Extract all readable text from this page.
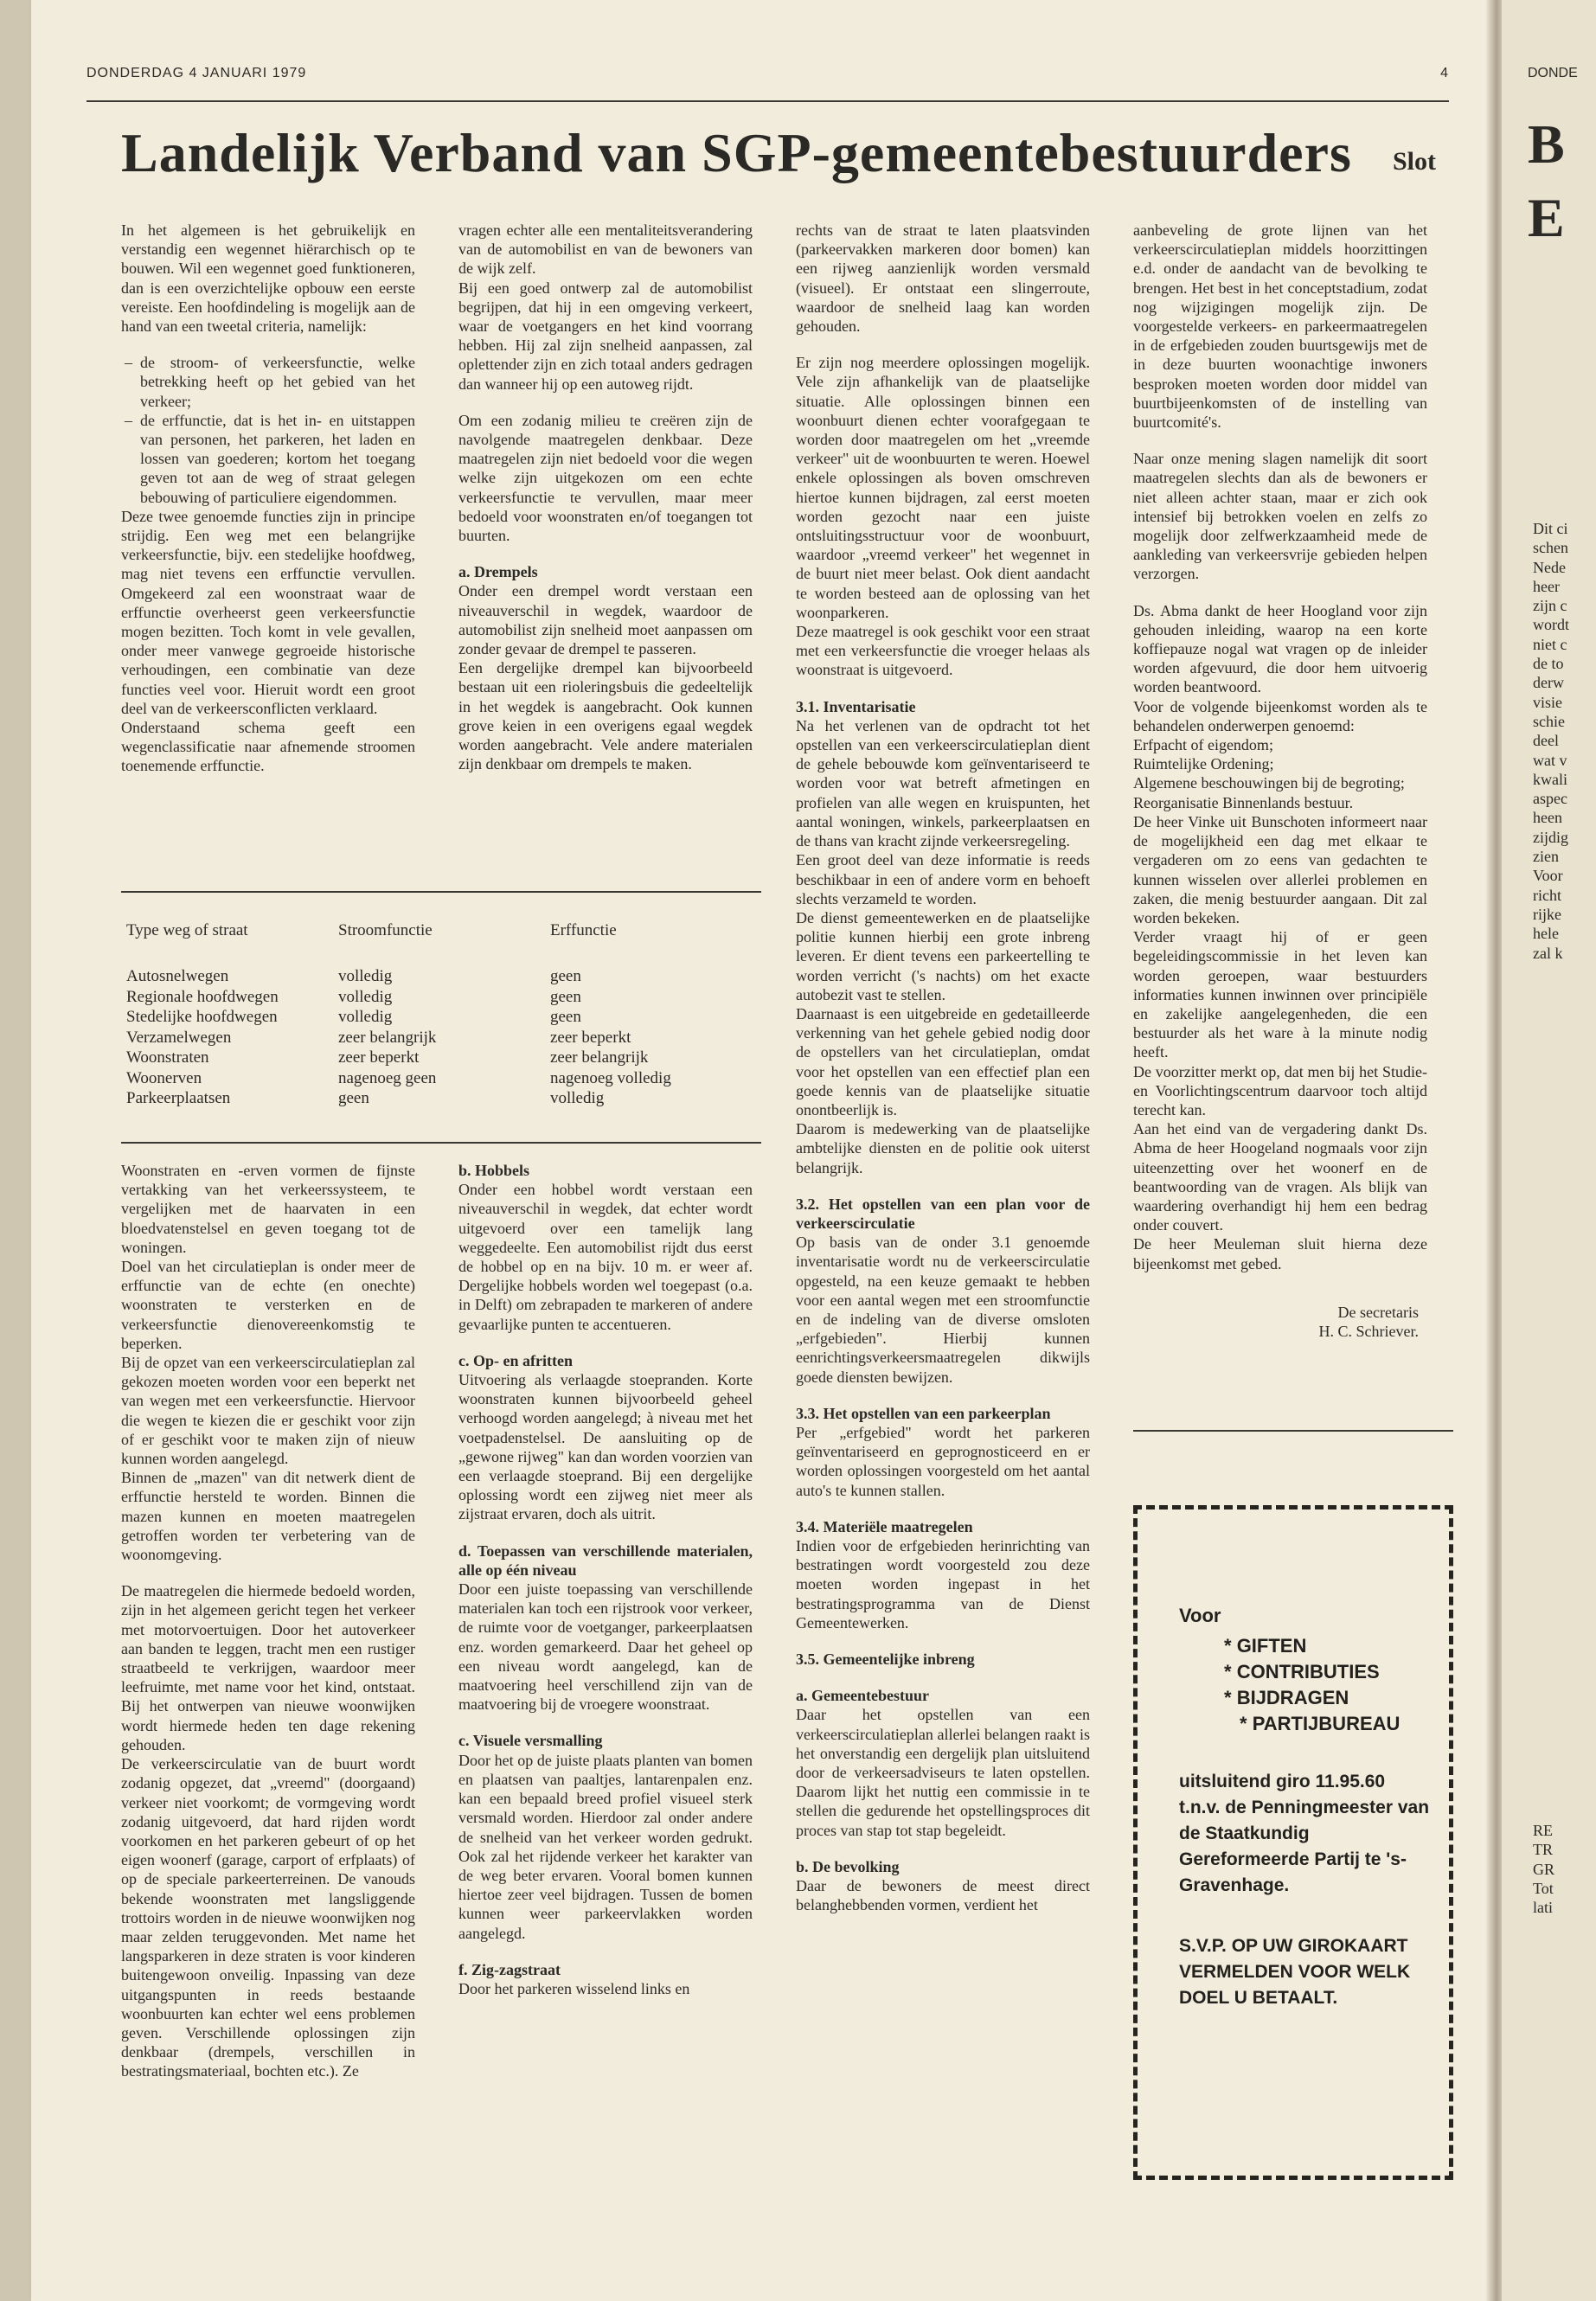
DONDERDAG 4 JANUARI 1979	4
Landelijk Verband van SGP-gemeentebestuurders Slot

In het algemeen is het gebruikelijk en verstandig een wegennet hiërarchisch op te bouwen. Wil een wegennet goed funktioneren, dan is een overzichtelijke opbouw een eerste vereiste. Een hoofdindeling is mogelijk aan de hand van een tweetal criteria, namelijk:

– de stroom- of verkeersfunctie, welke betrekking heeft op het gebied van het verkeer;
– de erffunctie, dat is het in- en uitstappen van personen, het parkeren, het laden en lossen van goederen; kortom het toegang geven tot aan de weg of straat gelegen bebouwing of particuliere eigendommen.

Deze twee genoemde functies zijn in principe strijdig. Een weg met een belangrijke verkeersfunctie, bijv. een stedelijke hoofdweg, mag niet tevens een erffunctie vervullen. Omgekeerd zal een woonstraat waar de erffunctie overheerst geen verkeersfunctie mogen bezitten. Toch komt in vele gevallen, onder meer vanwege gegroeide historische verhoudingen, een combinatie van deze functies veel voor. Hieruit wordt een groot deel van de verkeersconflicten verklaard.

Onderstaand schema geeft een wegenclassificatie naar afnemende stroomen toenemende erffunctie.

vragen echter alle een mentaliteitsverandering van de automobilist en van de bewoners van de wijk zelf.

Bij een goed ontwerp zal de automobilist begrijpen, dat hij in een omgeving verkeert, waar de voetgangers en het kind voorrang hebben. Hij zal zijn snelheid aanpassen, zal oplettender zijn en zich totaal anders gedragen dan wanneer hij op een autoweg rijdt.

Om een zodanig milieu te creëren zijn de navolgende maatregelen denkbaar. Deze maatregelen zijn niet bedoeld voor die wegen welke zijn uitgekozen om een echte verkeersfunctie te vervullen, maar meer bedoeld voor woonstraten en/of toegangen tot buurten.

a. Drempels

Onder een drempel wordt verstaan een niveauverschil in wegdek, waardoor de automobilist zijn snelheid moet aanpassen om zonder gevaar de drempel te passeren.

Een dergelijke drempel kan bijvoorbeeld bestaan uit een rioleringsbuis die gedeeltelijk in het wegdek is aangebracht. Ook kunnen grove keien in een overigens egaal wegdek worden aangebracht. Vele andere materialen zijn denkbaar om drempels te maken.

rechts van de straat te laten plaatsvinden (parkeervakken markeren door bomen) kan een rijweg aanzienlijk worden versmald (visueel). Er ontstaat een slingerroute, waardoor de snelheid laag kan worden gehouden.

Er zijn nog meerdere oplossingen mogelijk. Vele zijn afhankelijk van de plaatselijke situatie. Alle oplossingen binnen een woonbuurt dienen echter voorafgegaan te worden door maatregelen om het „vreemde verkeer" uit de woonbuurten te weren. Hoewel enkele oplossingen als boven omschreven hiertoe kunnen bijdragen, zal eerst moeten worden gezocht naar een juiste ontsluitingsstructuur voor de woonbuurt, waardoor „vreemd verkeer" het wegennet in de buurt niet meer belast. Ook dient aandacht te worden besteed aan de oplossing van het woonparkeren.

Deze maatregel is ook geschikt voor een straat met een verkeersfunctie die vroeger helaas als woonstraat is uitgevoerd.

3.1. Inventarisatie

Na het verlenen van de opdracht tot het opstellen van een verkeerscirculatieplan dient de gehele bebouwde kom geïnventariseerd te worden voor wat betreft afmetingen en profielen van alle wegen en kruispunten, het aantal woningen, winkels, parkeerplaatsen en de thans van kracht zijnde verkeersregeling.

Een groot deel van deze informatie is reeds beschikbaar in een of andere vorm en behoeft slechts verzameld te worden.

De dienst gemeentewerken en de plaatselijke politie kunnen hierbij een grote inbreng leveren. Er dient tevens een parkeertelling te worden verricht ('s nachts) om het exacte autobezit vast te stellen.

Daarnaast is een uitgebreide en gedetailleerde verkenning van het gehele gebied nodig door de opstellers van het circulatieplan, omdat voor het opstellen van een effectief plan een goede kennis van de plaatselijke situatie onontbeerlijk is.

Daarom is medewerking van de plaatselijke ambtelijke diensten en de politie ook uiterst belangrijk.

3.2. Het opstellen van een plan voor de verkeerscirculatie

Op basis van de onder 3.1 genoemde inventarisatie wordt nu de verkeerscirculatie opgesteld, na een keuze gemaakt te hebben voor een aantal wegen met een stroomfunctie en de indeling van de diverse omsloten „erfgebieden". Hierbij kunnen eenrichtingsverkeersmaatregelen dikwijls goede diensten bewijzen.

3.3. Het opstellen van een parkeerplan

Per „erfgebied" wordt het parkeren geïnventariseerd en geprognosticeerd en er worden oplossingen voorgesteld om het aantal auto's te kunnen stallen.

3.4. Materiële maatregelen

Indien voor de erfgebieden herinrichting van bestratingen wordt voorgesteld zou deze moeten worden ingepast in het bestratingsprogramma van de Dienst Gemeentewerken.

3.5. Gemeentelijke inbreng

a. Gemeentebestuur

Daar het opstellen van een verkeerscirculatieplan allerlei belangen raakt is het onverstandig een dergelijk plan uitsluitend door de verkeersadviseurs te laten opstellen. Daarom lijkt het nuttig een commissie in te stellen die gedurende het opstellingsproces dit proces van stap tot stap begeleidt.

b. De bevolking

Daar de bewoners de meest direct belanghebbenden vormen, verdient het

aanbeveling de grote lijnen van het verkeerscirculatieplan middels hoorzittingen e.d. onder de aandacht van de bevolking te brengen. Het best in het conceptstadium, zodat nog wijzigingen mogelijk zijn. De voorgestelde verkeers- en parkeermaatregelen in de erfgebieden zouden buurtsgewijs met de in deze buurten woonachtige inwoners besproken moeten worden door middel van buurtbijeenkomsten of de instelling van buurtcomité's.

Naar onze mening slagen namelijk dit soort maatregelen slechts dan als de bewoners er niet alleen achter staan, maar er zich ook intensief bij betrokken voelen en zelfs zo mogelijk door zelfwerkzaamheid mede de aankleding van verkeersvrije gebieden helpen verzorgen.

Ds. Abma dankt de heer Hoogland voor zijn gehouden inleiding, waarop na een korte koffiepauze nogal wat vragen op de inleider worden afgevuurd, die door hem uitvoerig worden beantwoord.

Voor de volgende bijeenkomst worden als te behandelen onderwerpen genoemd:

Erfpacht of eigendom;
Ruimtelijke Ordening;
Algemene beschouwingen bij de begroting;
Reorganisatie Binnenlands bestuur.

De heer Vinke uit Bunschoten informeert naar de mogelijkheid een dag met elkaar te vergaderen om zo eens van gedachten te kunnen wisselen over allerlei problemen en zaken, die menig bestuurder aangaan. Dit zal worden bekeken.

Verder vraagt hij of er geen begeleidingscommissie in het leven kan worden geroepen, waar bestuurders informaties kunnen inwinnen over principiële en zakelijke aangelegenheden, die een bestuurder als het ware à la minute nodig heeft.

De voorzitter merkt op, dat men bij het Studie- en Voorlichtingscentrum daarvoor toch altijd terecht kan.

Aan het eind van de vergadering dankt Ds. Abma de heer Hoogeland nogmaals voor zijn uiteenzetting over het woonerf en de beantwoording van de vragen. Als blijk van waardering overhandigt hij hem een bedrag onder couvert.

De heer Meuleman sluit hierna deze bijeenkomst met gebed.

De secretaris
H. C. Schriever.
Type weg of straat	Stroomfunctie	Erffunctie
Autosnelwegen	volledig	geen
Regionale hoofdwegen	volledig	geen
Stedelijke hoofdwegen	volledig	geen
Verzamelwegen	zeer belangrijk	zeer beperkt
Woonstraten	zeer beperkt	zeer belangrijk
Woonerven	nagenoeg geen	nagenoeg volledig
Parkeerplaatsen	geen	volledig

Woonstraten en -erven vormen de fijnste vertakking van het verkeerssysteem, te vergelijken met de haarvaten in een bloedvatenstelsel en geven toegang tot de woningen.

Doel van het circulatieplan is onder meer de erffunctie van de echte (en onechte) woonstraten te versterken en de verkeersfunctie dienovereenkomstig te beperken.

Bij de opzet van een verkeerscirculatieplan zal gekozen moeten worden voor een beperkt net van wegen met een verkeersfunctie. Hiervoor die wegen te kiezen die er geschikt voor zijn of er geschikt voor te maken zijn of nieuw kunnen worden aangelegd.

Binnen de „mazen" van dit netwerk dient de erffunctie hersteld te worden. Binnen die mazen kunnen en moeten maatregelen getroffen worden ter verbetering van de woonomgeving.

De maatregelen die hiermede bedoeld worden, zijn in het algemeen gericht tegen het verkeer met motorvoertuigen. Door het autoverkeer aan banden te leggen, tracht men een rustiger straatbeeld te verkrijgen, waardoor meer leefruimte, met name voor het kind, ontstaat. Bij het ontwerpen van nieuwe woonwijken wordt hiermede heden ten dage rekening gehouden.

De verkeerscirculatie van de buurt wordt zodanig opgezet, dat „vreemd" (doorgaand) verkeer niet voorkomt; de vormgeving wordt zodanig uitgevoerd, dat hard rijden wordt voorkomen en het parkeren gebeurt of op het eigen woonerf (garage, carport of erfplaats) of op de speciale parkeerterreinen. De vanouds bekende woonstraten met langsliggende trottoirs worden in de nieuwe woonwijken nog maar zelden teruggevonden. Met name het langsparkeren in deze straten is voor kinderen buitengewoon onveilig. Inpassing van deze uitgangspunten in reeds bestaande woonbuurten kan echter wel eens problemen geven. Verschillende oplossingen zijn denkbaar (drempels, verschillen in bestratingsmateriaal, bochten etc.). Ze

b. Hobbels

Onder een hobbel wordt verstaan een niveauverschil in wegdek, dat echter wordt uitgevoerd over een tamelijk lang weggedeelte. Een automobilist rijdt dus eerst de hobbel op en na bijv. 10 m. er weer af. Dergelijke hobbels worden wel toegepast (o.a. in Delft) om zebrapaden te markeren of andere gevaarlijke punten te accentueren.

c. Op- en afritten

Uitvoering als verlaagde stoepranden. Korte woonstraten kunnen bijvoorbeeld geheel verhoogd worden aangelegd; à niveau met het voetpadenstelsel. De aansluiting op de „gewone rijweg" kan dan worden voorzien van een verlaagde stoeprand. Bij een dergelijke oplossing wordt een zijweg niet meer als zijstraat ervaren, doch als uitrit.

d. Toepassen van verschillende materialen, alle op één niveau

Door een juiste toepassing van verschillende materialen kan toch een rijstrook voor verkeer, de ruimte voor de voetganger, parkeerplaatsen enz. worden gemarkeerd. Daar het geheel op een niveau wordt aangelegd, kan de maatvoering heel verschillend zijn van de maatvoering bij de vroegere woonstraat.

c. Visuele versmalling

Door het op de juiste plaats planten van bomen en plaatsen van paaltjes, lantarenpalen enz. kan een bepaald breed profiel visueel sterk versmald worden. Hierdoor zal onder andere de snelheid van het verkeer worden gedrukt. Ook zal het rijdende verkeer het karakter van de weg beter ervaren. Vooral bomen kunnen hiertoe zeer veel bijdragen. Tussen de bomen kunnen weer parkeervlakken worden aangelegd.

f. Zig-zagstraat

Door het parkeren wisselend links en

Voor
* GIFTEN
* CONTRIBUTIES
* BIJDRAGEN
* PARTIJBUREAU
uitsluitend giro 11.95.60 t.n.v. de Penningmeester van de Staatkundig Gereformeerde Partij te 's-Gravenhage.
S.V.P. OP UW GIROKAART VERMELDEN VOOR WELK DOEL U BETAALT.
DONDE
B
E
Dit ci
schen
Nede
heer
zijn c
wordt
niet c
de to
derw
visie
schie
deel
wat v
kwali
aspec
heen
zijdig
zien
Voor
richt
rijke
hele
zal k
RE
TR
GR
Tot
lati
